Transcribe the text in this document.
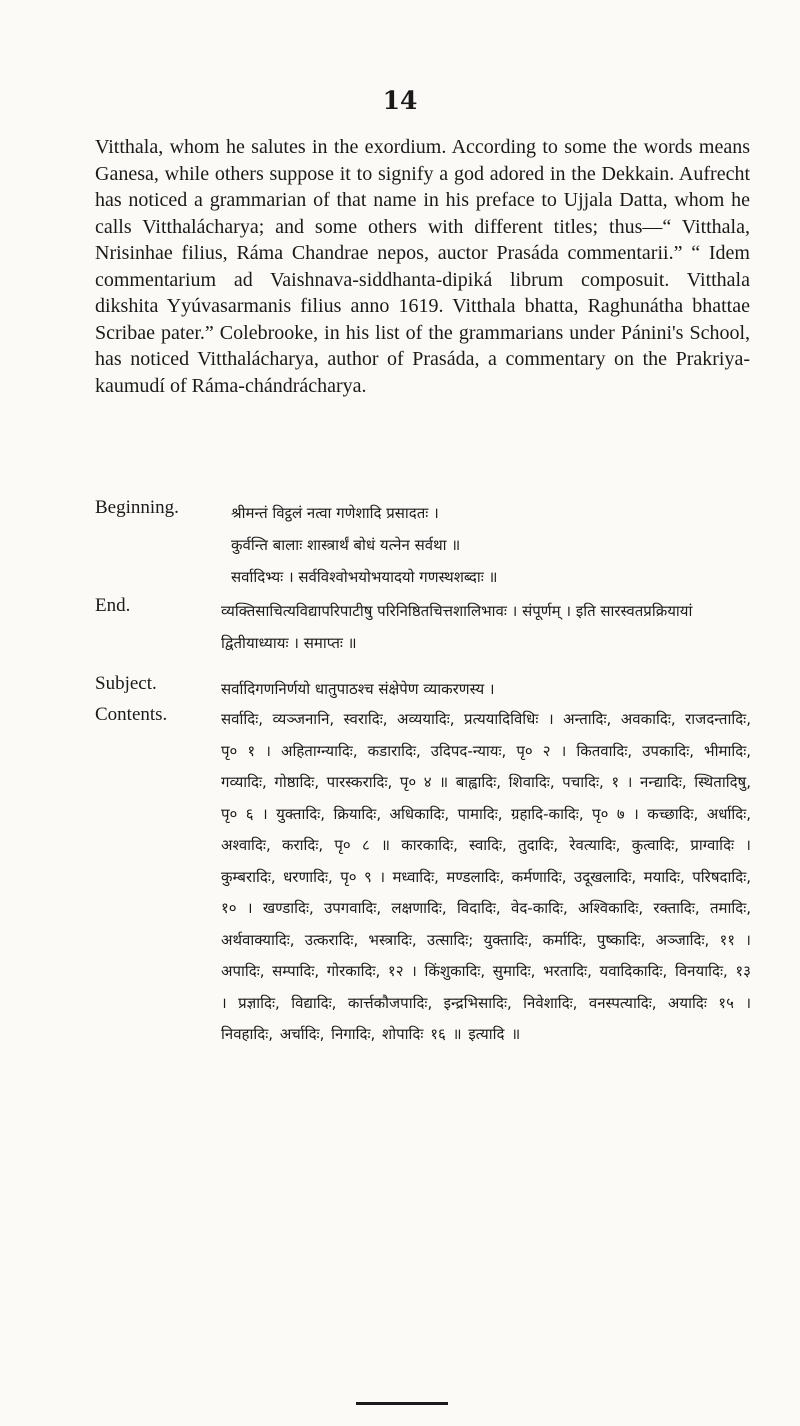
14
Vitthala, whom he salutes in the exordium. According to some the words means Ganesa, while others suppose it to signify a god adored in the Dekkain. Aufrecht has noticed a grammarian of that name in his preface to Ujjala Datta, whom he calls Vitthalácharya; and some others with different titles; thus—“ Vitthala, Nrisinhae filius, Ráma Chandrae nepos, auctor Prasáda commentarii.” “ Idem commentarium ad Vaishnava-siddhanta-dipiká librum composuit. Vitthala dikshita Yyúvasarmanis filius anno 1619. Vitthala bhatta, Raghunátha bhattae Scribae pater.” Colebrooke, in his list of the grammarians under Pánini's School, has noticed Vitthalácharya, author of Prasáda, a commentary on the Prakriya-kaumudí of Ráma-chándrácharya.
Beginning.	श्रीमन्तं विट्ठलं नत्वा गणेशादि प्रसादतः ।
कुर्वन्ति बालाः शास्त्रार्थं बोधं यत्नेन सर्वथा ॥
सर्वादिभ्यः । सर्वविश्वोभयोभयादयो गणस्थशब्दाः ॥
End.	व्यक्तिसाचित्यविद्यापरिपाटीषु परिनिष्ठितचित्तशालिभावः । संपूर्णम् । इति सारस्वतप्रक्रियायां
द्वितीयाध्यायः । समाप्तः ॥
Subject.	सर्वादिगणनिर्णयो धातुपाठश्च संक्षेपेण व्याकरणस्य ।
Contents.	सर्वादिः, व्यञ्जनानि, स्वरादिः, अव्ययादिः, प्रत्ययादिविधिः । अन्तादिः, अवकादिः, राजदन्तादिः, पृ० १ । अहिताग्न्यादिः, कडारादिः, उदिपद-न्यायः, पृ० २ । कितवादिः, उपकादिः, भीमादिः, गव्यादिः, गोष्ठादिः, पारस्करादिः, पृ० ४ ॥ बाह्वादिः, शिवादिः, पचादिः, १ । नन्द्यादिः, स्थितादिषु, पृ० ६ । युक्तादिः, क्रियादिः, अधिकादिः, पामादिः, ग्रहादि-कादिः, पृ० ७ । कच्छादिः, अर्धादिः, अश्वादिः, करादिः, पृ० ८ ॥ कारकादिः, स्वादिः, तुदादिः, रेवत्यादिः, कुत्वादिः, प्राग्वादिः । कुम्बरादिः, धरणादिः, पृ० ९ । मध्वादिः, मण्डलादिः, कर्मणादिः, उदूखलादिः, मयादिः, परिषदादिः, १० । खण्डादिः, उपगवादिः, लक्षणादिः, विदादिः, वेद-कादिः, अश्विकादिः, रक्तादिः, तमादिः, अर्थवाक्यादिः, उत्करादिः, भस्त्रादिः, उत्सादिः; युक्तादिः, कर्मादिः, पुष्कादिः, अञ्जादिः, ११ । अपादिः, सम्पादिः, गोरकादिः, १२ । किंशुकादिः, सुमादिः, भरतादिः, यवादिकादिः, विनयादिः, १३ । प्रज्ञादिः, विद्यादिः, कार्त्तकौजपादिः, इन्द्रभिसादिः, निवेशादिः, वनस्पत्यादिः, अयादिः १५ । निवहादिः, अर्चादिः, निगादिः, शोपादिः १६ ॥ इत्यादि ॥
